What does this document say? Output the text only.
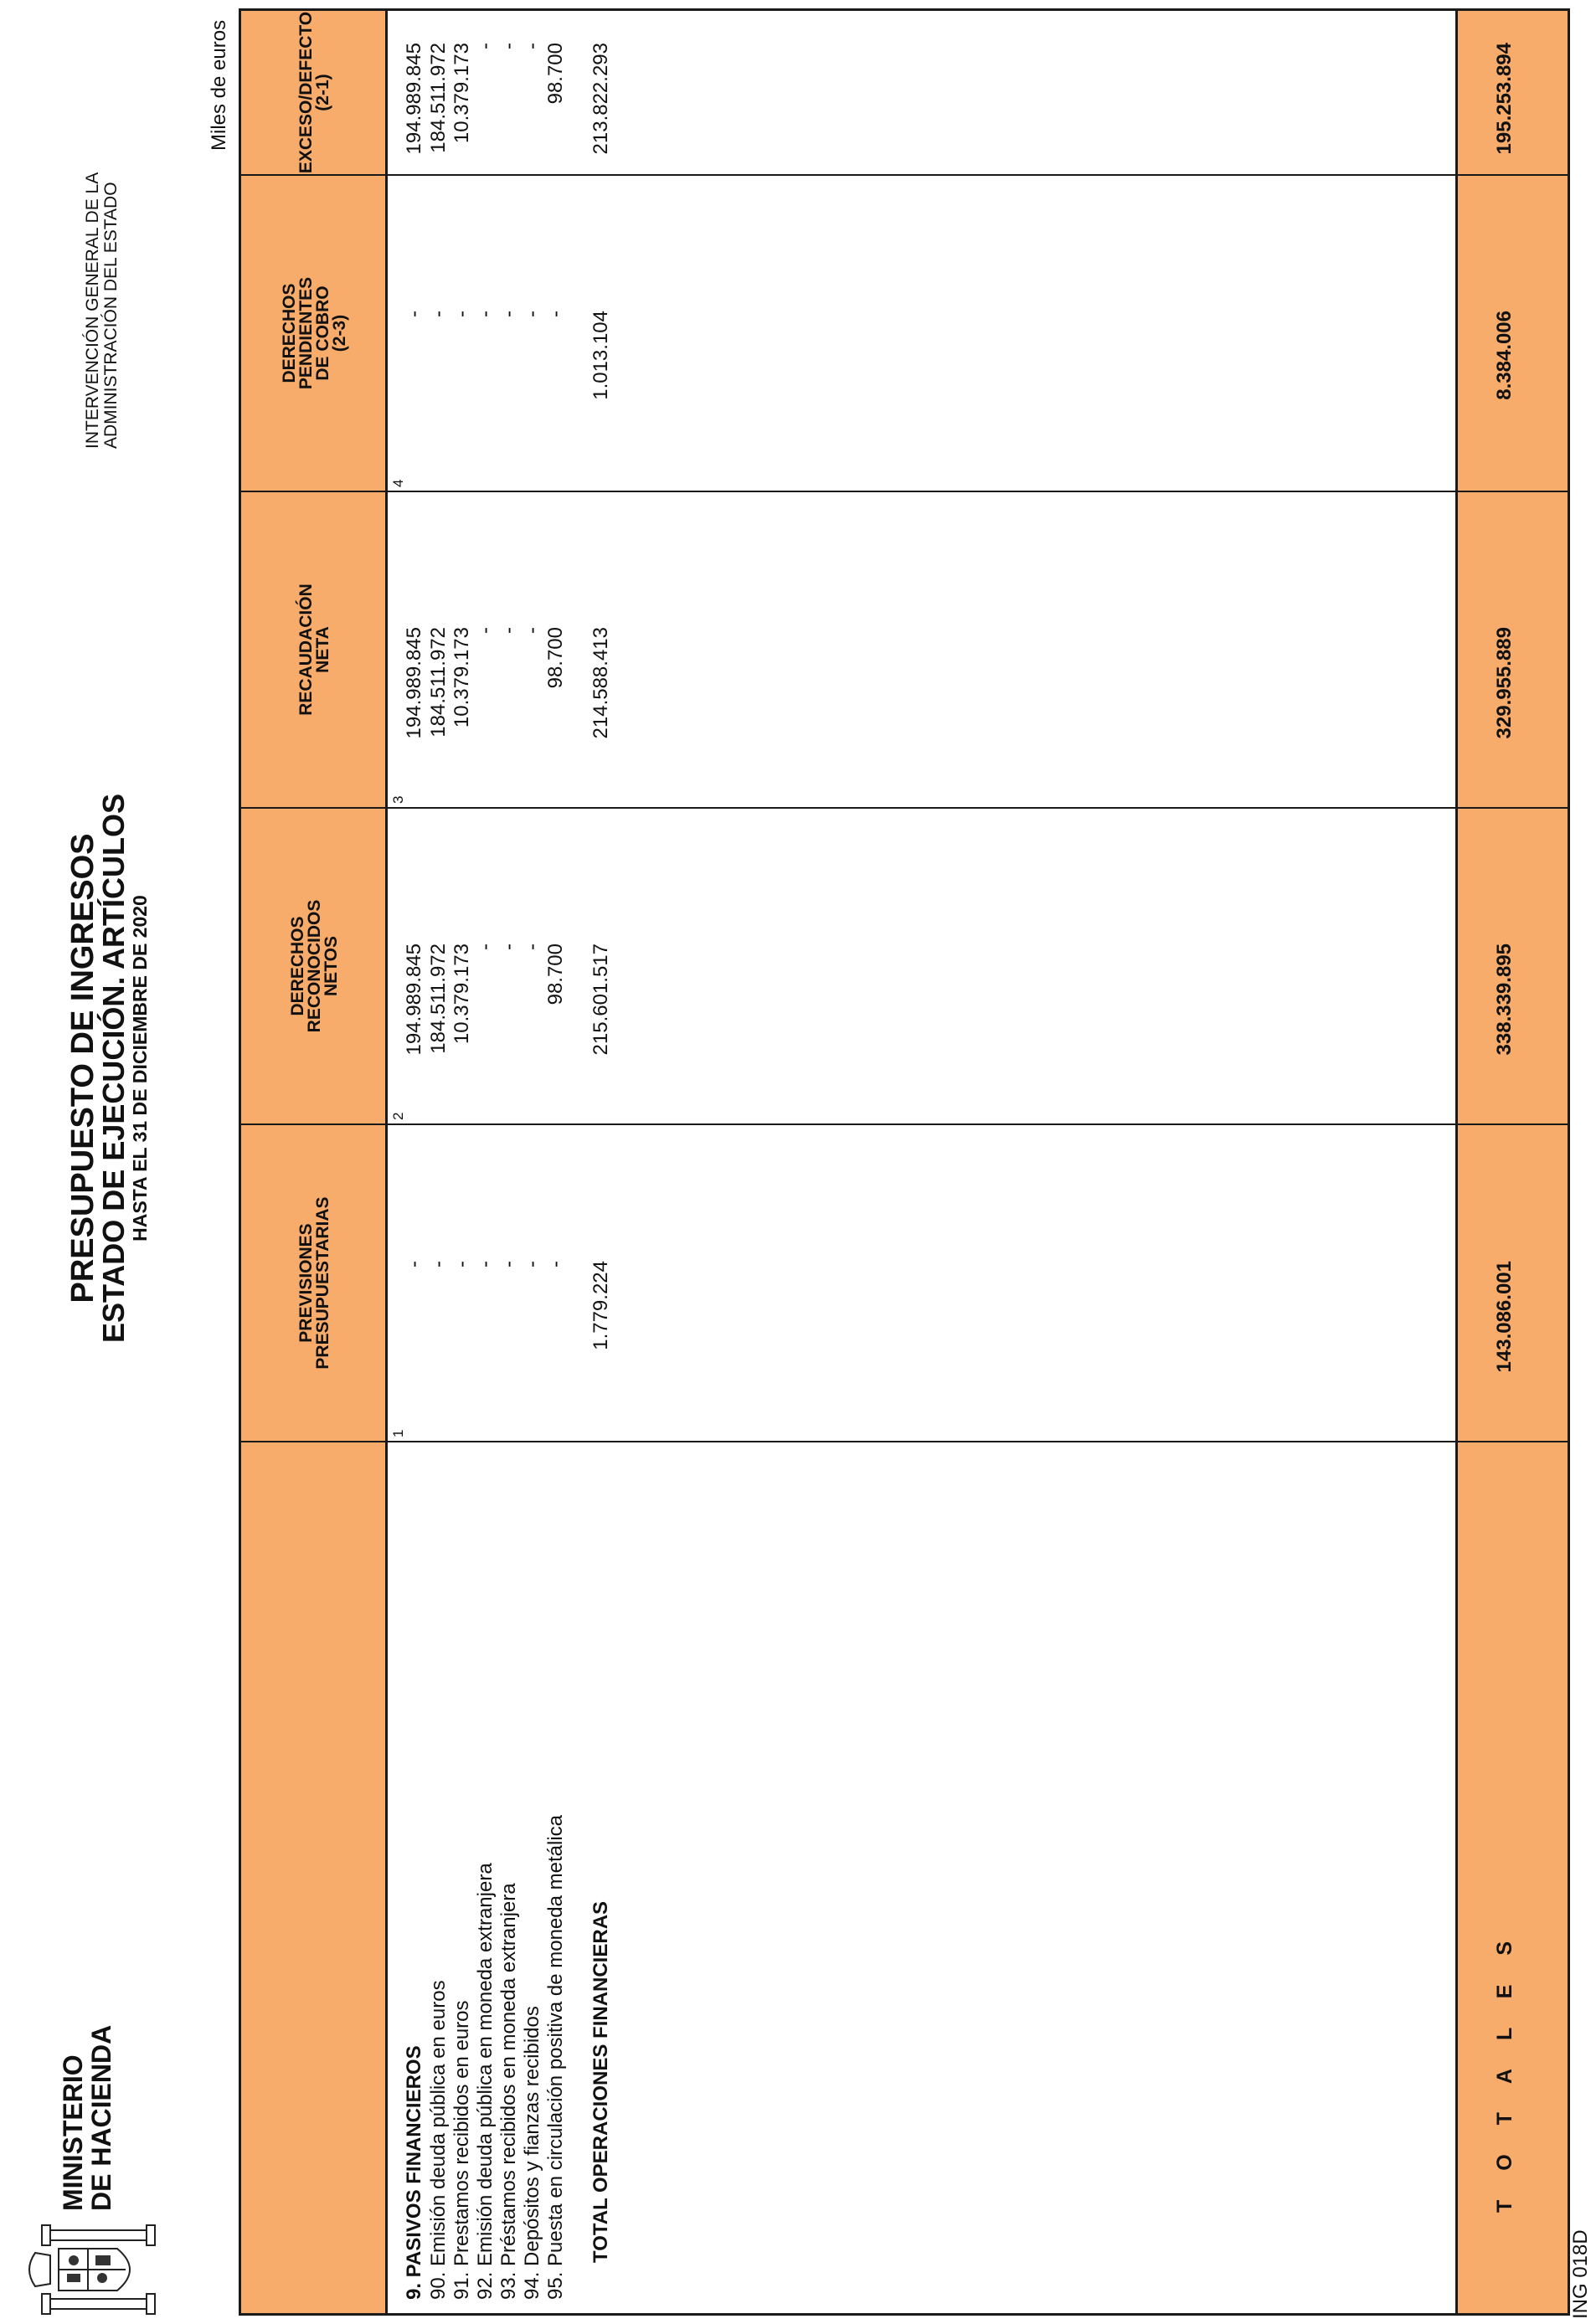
MINISTERIO
DE HACIENDA
PRESUPUESTO DE INGRESOS
ESTADO DE EJECUCIÓN. ARTÍCULOS
HASTA EL 31 DE DICIEMBRE DE 2020
INTERVENCIÓN GENERAL DE LA ADMINISTRACIÓN DEL ESTADO
Miles de euros
PREVISIONES
PRESUPUESTARIAS
DERECHOS
RECONOCIDOS
NETOS
RECAUDACIÓN
NETA
DERECHOS
PENDIENTES
DE COBRO
(2-3)
EXCESO/DEFECTO
(2-1)
1
2
3
4
9. PASIVOS FINANCIEROS 90. Emisión deuda pública en euros 91. Prestamos recibidos en euros 92. Emisión deuda pública en moneda extranjera 93. Préstamos recibidos en moneda extranjera 94. Depósitos y fianzas recibidos 95. Puesta en circulación positiva de moneda metálica TOTAL OPERACIONES FINANCIERAS
-
194.989.845
194.989.845
-
194.989.845
-
184.511.972
184.511.972
-
184.511.972
-
10.379.173
10.379.173
-
10.379.173
-
-
-
-
-
-
-
-
-
-
-
-
-
-
-
-
98.700
98.700
-
98.700
1.779.224
215.601.517
214.588.413
1.013.104
213.822.293
T O T A L E S
143.086.001
338.339.895
329.955.889
8.384.006
195.253.894
ING 018D
